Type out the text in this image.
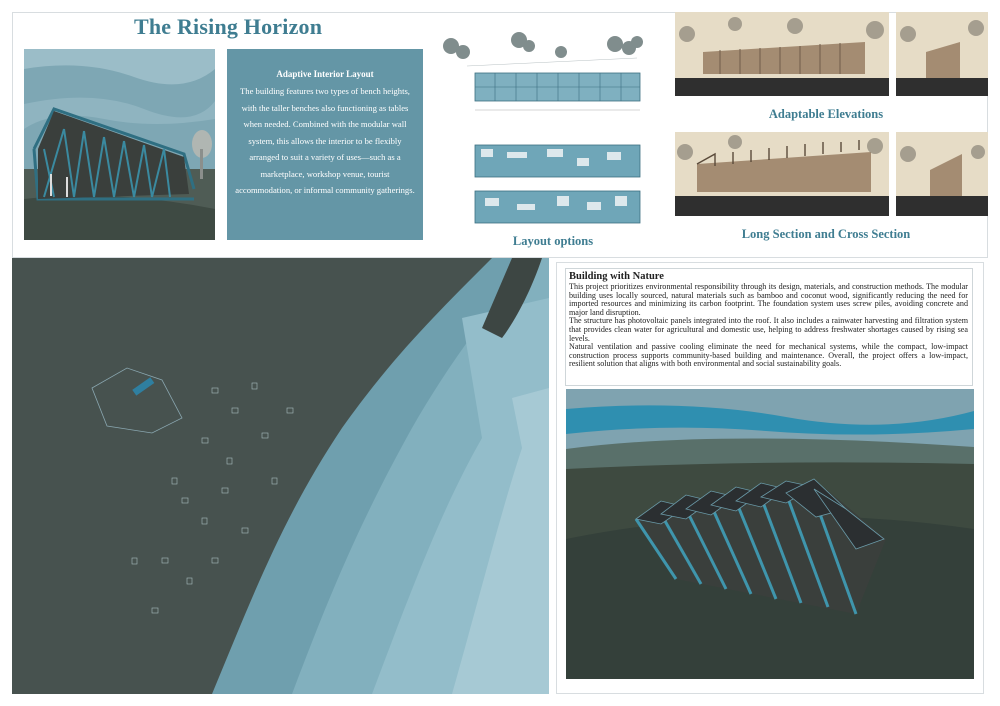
The Rising Horizon
Adaptive Interior Layout
The building features two types of bench heights, with the taller benches also functioning as tables when needed. Combined with the modular wall system, this allows the interior to be flexibly arranged to suit a variety of uses—such as a marketplace, workshop venue, tourist accommodation, or informal community gatherings.
Adaptable Elevations
Layout options	Long Section and Cross Section
Building with Nature
This project prioritizes environmental responsibility through its design, materials, and construction methods. The modular building uses locally sourced, natural materials such as bamboo and coconut wood, significantly reducing the need for imported resources and minimizing its carbon footprint. The foundation system uses screw piles, avoiding concrete and major land disruption.
The structure has photovoltaic panels integrated into the roof. It also includes a rainwater harvesting and filtration system that provides clean water for agricultural and domestic use, helping to address freshwater shortages caused by rising sea levels.
Natural ventilation and passive cooling eliminate the need for mechanical systems, while the compact, low-impact construction process supports community-based building and maintenance. Overall, the project offers a low-impact, resilient solution that aligns with both environmental and social sustainability goals.
